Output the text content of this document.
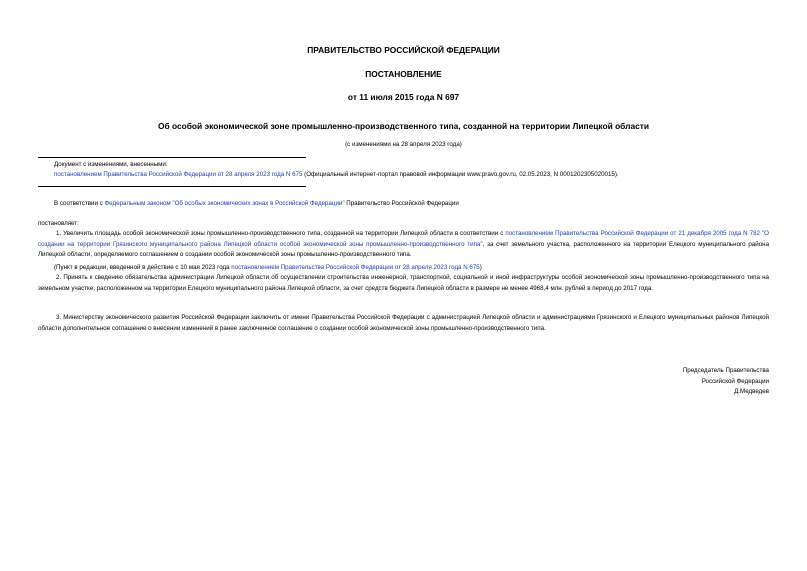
ПРАВИТЕЛЬСТВО РОССИЙСКОЙ ФЕДЕРАЦИИ
ПОСТАНОВЛЕНИЕ
от 11 июля 2015 года N 697
Об особой экономической зоне промышленно-производственного типа, созданной на территории Липецкой области
(с изменениями на 28 апреля 2023 года)
Документ с изменениями, внесенными:
постановлением Правительства Российской Федерации от 28 апреля 2023 года N 675 (Официальный интернет-портал правовой информации www.pravo.gov.ru, 02.05.2023, N 0001202305020015).
В соответствии с Федеральным законом "Об особых экономических зонах в Российской Федерации" Правительство Российской Федерации
постановляет:
1. Увеличить площадь особой экономической зоны промышленно-производственного типа, созданной на территории Липецкой области в соответствии с постановлением Правительства Российской Федерации от 21 декабря 2005 года N 782 "О создании на территории Грязинского муниципального района Липецкой области особой экономической зоны промышленно-производственного типа", за счет земельного участка, расположенного на территории Елецкого муниципального района Липецкой области, определяемого соглашением о создании особой экономической зоны промышленно-производственного типа.
(Пункт в редакции, введенной в действие с 10 мая 2023 года постановлением Правительства Российской Федерации от 28 апреля 2023 года N 675)
2. Принять к сведению обязательства администрации Липецкой области об осуществлении строительства инженерной, транспортной, социальной и иной инфраструктуры особой экономической зоны промышленно-производственного типа на земельном участке, расположенном на территории Елецкого муниципального района Липецкой области, за счет средств бюджета Липецкой области в размере не менее 4968,4 млн. рублей в период до 2017 года.
3. Министерству экономического развития Российской Федерации заключить от имени Правительства Российской Федерации с администрацией Липецкой области и администрациями Грязинского и Елецкого муниципальных районов Липецкой области дополнительное соглашение о внесении изменений в ранее заключенное соглашение о создании особой экономической зоны промышленно-производственного типа.
Председатель Правительства
Российской Федерации
Д.Медведев
